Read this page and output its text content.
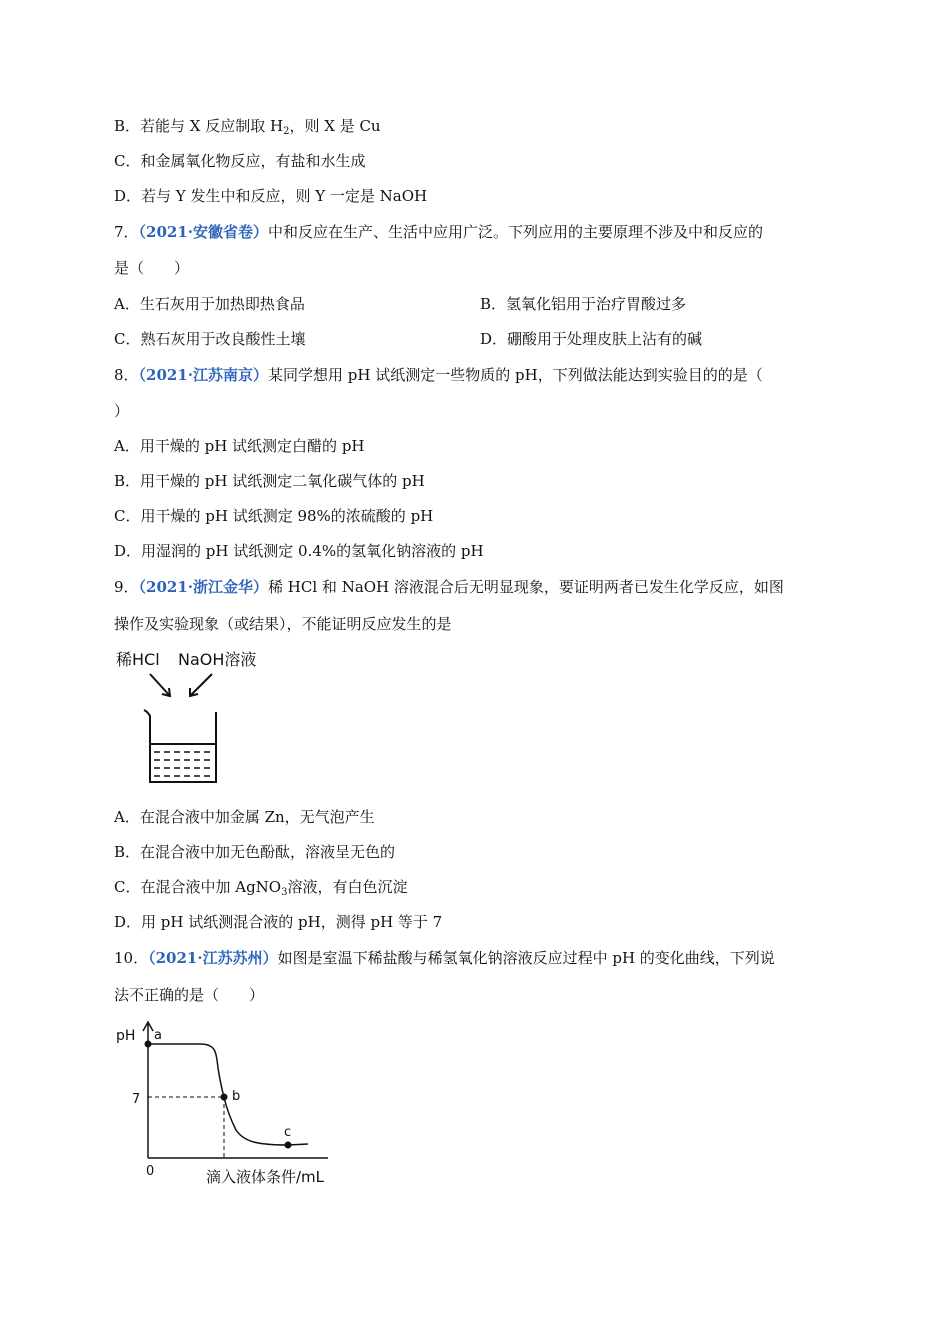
B．若能与 X 反应制取 $H_2$，则 X 是 Cu
C．和金属氧化物反应，有盐和水生成
D．若与 Y 发生中和反应，则 Y 一定是 NaOH
7．（2021·安徽省卷）中和反应在生产、生活中应用广泛。下列应用的主要原理不涉及中和反应的
是（　　）
A．生石灰用于加热即热食品	B．氢氧化铝用于治疗胃酸过多
C．熟石灰用于改良酸性土壤	D．硼酸用于处理皮肤上沾有的碱
8．（2021·江苏南京）某同学想用 pH 试纸测定一些物质的 pH，下列做法能达到实验目的的是（
）
A．用干燥的 pH 试纸测定白醋的 pH
B．用干燥的 pH 试纸测定二氧化碳气体的 pH
C．用干燥的 pH 试纸测定 98%的浓硫酸的 pH
D．用湿润的 pH 试纸测定 0.4%的氢氧化钠溶液的 pH
9．（2021·浙江金华）稀 HCl 和 NaOH 溶液混合后无明显现象，要证明两者已发生化学反应，如图
操作及实验现象（或结果），不能证明反应发生的是
稀HCl NaOH溶液
A．在混合液中加金属 Zn，无气泡产生
B．在混合液中加无色酚酞，溶液呈无色的
C．在混合液中加 AgNO$_3$溶液，有白色沉淀
D．用 pH 试纸测混合液的 pH，测得 pH 等于 7
10．（2021·江苏苏州）如图是室温下稀盐酸与稀氢氧化钠溶液反应过程中 pH 的变化曲线，下列说
法不正确的是（　　）
pH
0	滴入液体条件/mL
7
a
b
c
